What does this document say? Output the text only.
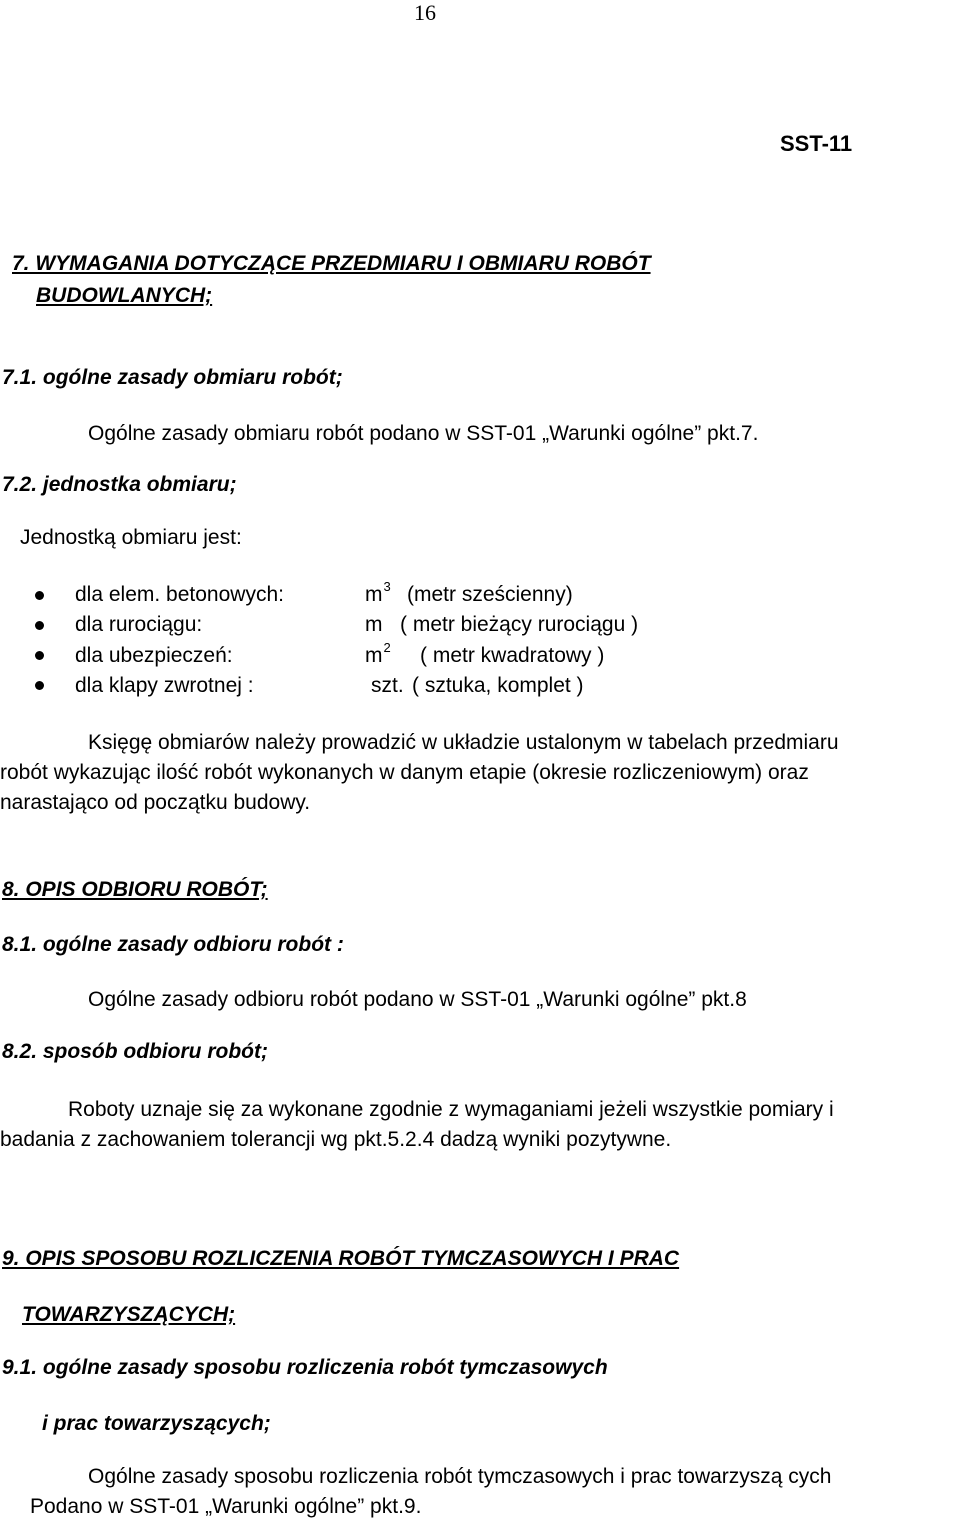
16
SST-11
7. WYMAGANIA DOTYCZĄCE PRZEDMIARU I OBMIARU ROBÓT
BUDOWLANYCH;
7.1. ogólne zasady obmiaru robót;
Ogólne zasady obmiaru robót podano w SST-01 „Warunki ogólne” pkt.7.
7.2. jednostka obmiaru;
Jednostką obmiaru jest:
dla elem. betonowych:	$m^3$ (metr sześcienny)
dla rurociągu:	m ( metr bieżący rurociągu )
dla ubezpieczeń:	$m^2$ ( metr kwadratowy )
dla klapy zwrotnej :	szt. ( sztuka, komplet )
Księgę obmiarów należy prowadzić w układzie ustalonym w tabelach przedmiaru
robót wykazując ilość robót wykonanych w danym etapie (okresie rozliczeniowym) oraz
narastająco od początku budowy.
8. OPIS ODBIORU ROBÓT;
8.1. ogólne zasady odbioru robót :
Ogólne zasady odbioru robót podano w SST-01 „Warunki ogólne” pkt.8
8.2. sposób odbioru robót;
Roboty uznaje się za wykonane zgodnie z wymaganiami jeżeli wszystkie pomiary i
badania z zachowaniem tolerancji wg pkt.5.2.4 dadzą wyniki pozytywne.
9. OPIS SPOSOBU ROZLICZENIA ROBÓT TYMCZASOWYCH I PRAC
TOWARZYSZĄCYCH;
9.1. ogólne zasady sposobu rozliczenia robót tymczasowych
i prac towarzyszących;
Ogólne zasady sposobu rozliczenia robót tymczasowych i prac towarzyszą cych
Podano w SST-01 „Warunki ogólne” pkt.9.
